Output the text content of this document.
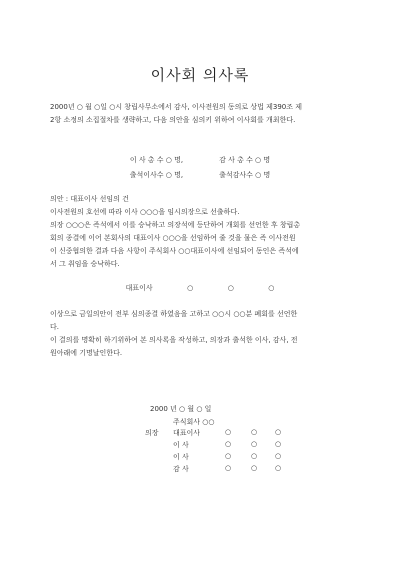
이사회 의사록

2000년 ○ 월 ○일 ○시 창립사무소에서 감사, 이사전원의 동의로 상법 제390조 제
2항 소정의 소집절차를 생략하고, 다음 의안을 심의키 위하여 이사회를 개최한다.

이 사 총 수 ○ 명,	감 사 총 수 ○ 명
출석이사수 ○ 명,	출석감사수 ○ 명

의안 : 대표이사 선임의 건
이사전원의 호선에 따라 이사 ○○○을 임시의장으로 선출하다.
의장 ○○○은 즉석에서 이를 승낙하고 의장석에 등단하여 개회를 선언한 후 창립총
회의 종결에 이어 본회사의 대표이사 ○○○을 선임하여 줄 것을 물은 즉 이사전원
이 신중협의한 결과 다음 사항이 주식회사 ○○대표이사에 선임되어 동인은 즉석에
서 그 취임을 승낙하다.

대표이사	○	○	○

이상으로 금일의안이 전부 심의종결 하였음을 고하고 ○○시 ○○분 폐회를 선언한
다.
이 결의를 명확히 하기위하여 본 의사록을 작성하고, 의장과 출석한 이사, 감사, 전
원아래에 기명날인한다.

2000 년 ○ 월 ○ 일
주식회사 ○○
의장 대표이사	○	○	○
이 사	○	○	○
이 사	○	○	○
감 사	○	○	○
